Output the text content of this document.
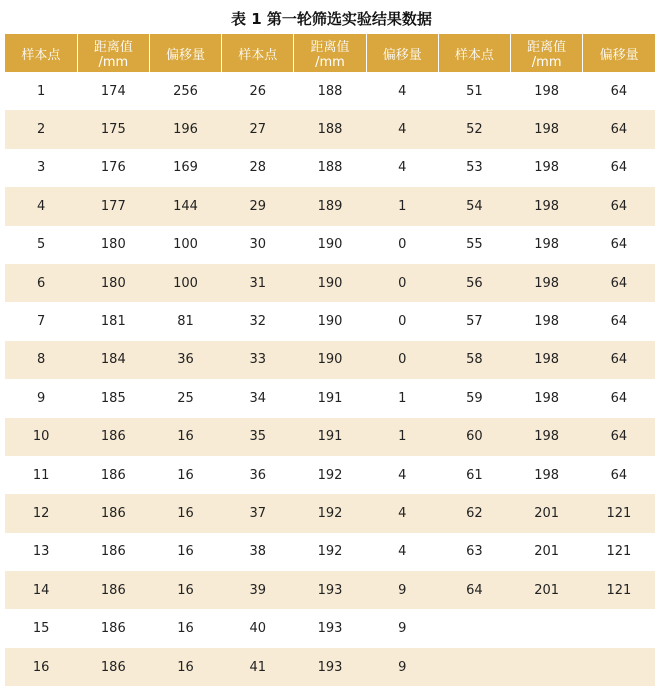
表 1 第一轮筛选实验结果数据
样本点	距离值 /mm	偏移量	样本点	距离值 /mm	偏移量	样本点	距离值 /mm	偏移量
1	174	256	26	188	4	51	198	64
2	175	196	27	188	4	52	198	64
3	176	169	28	188	4	53	198	64
4	177	144	29	189	1	54	198	64
5	180	100	30	190	0	55	198	64
6	180	100	31	190	0	56	198	64
7	181	81	32	190	0	57	198	64
8	184	36	33	190	0	58	198	64
9	185	25	34	191	1	59	198	64
10	186	16	35	191	1	60	198	64
11	186	16	36	192	4	61	198	64
12	186	16	37	192	4	62	201	121
13	186	16	38	192	4	63	201	121
14	186	16	39	193	9	64	201	121
15	186	16	40	193	9			
16	186	16	41	193	9			
